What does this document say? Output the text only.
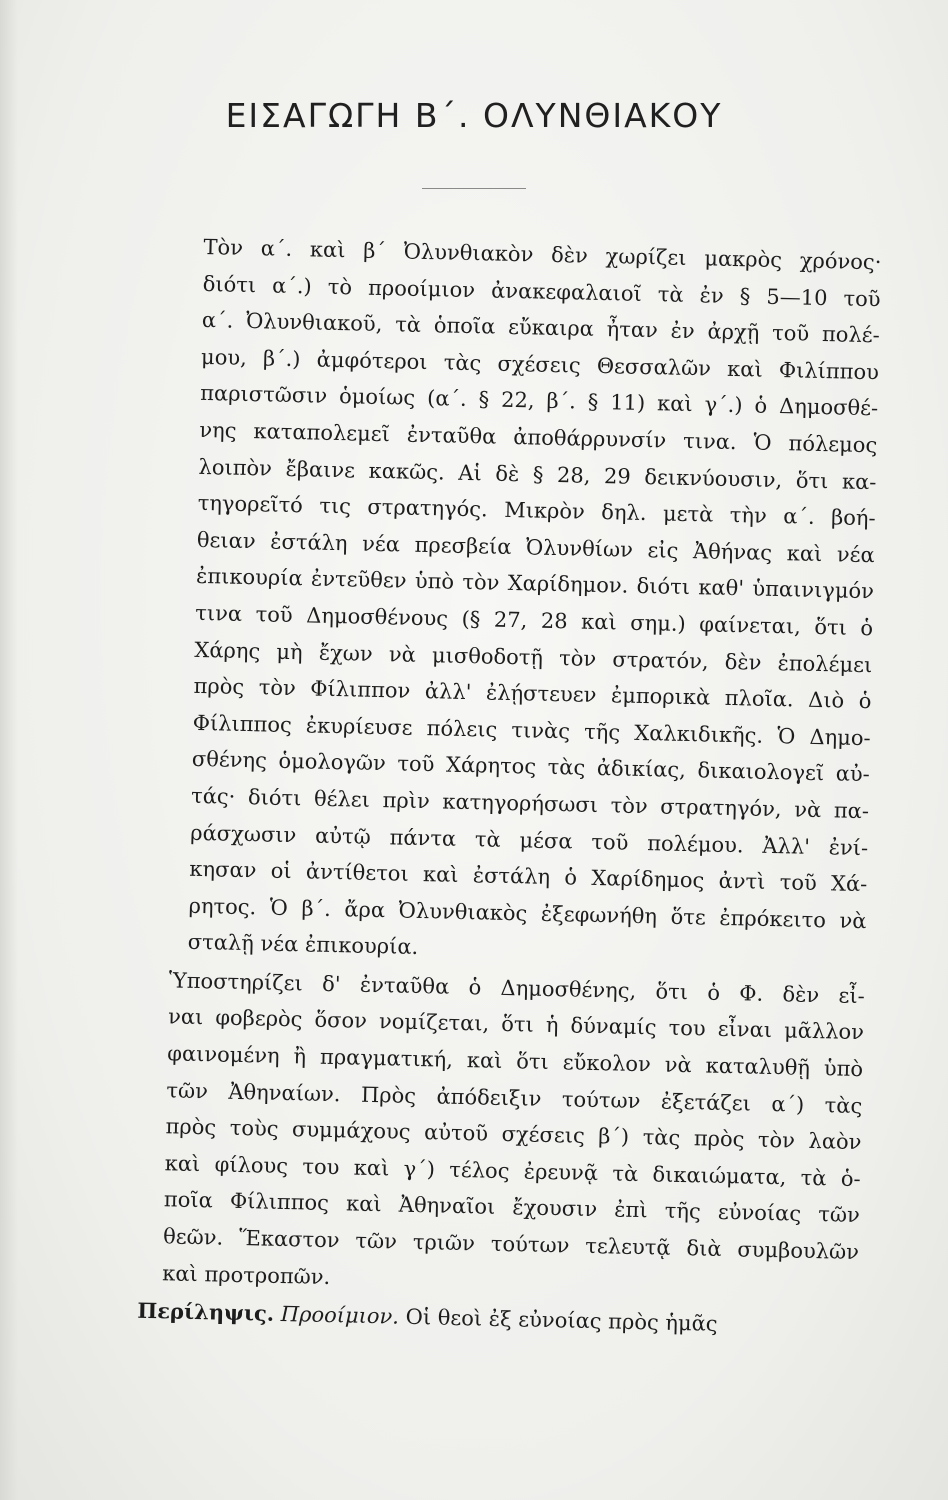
ΕΙΣΑΓΩΓΗ Β΄. ΟΛΥΝΘΙΑΚΟΥ
Τὸν α΄. καὶ β΄ Ὀλυνθιακὸν δὲν χωρίζει μακρὸς χρόνος·
διότι α΄.) τὸ προοίμιον ἀνακεφαλαιοῖ τὰ ἐν § 5—10 τοῦ
α΄. Ὀλυνθιακοῦ, τὰ ὁποῖα εὔκαιρα ἦταν ἐν ἀρχῇ τοῦ πολέ-
μου, β΄.) ἀμφότεροι τὰς σχέσεις Θεσσαλῶν καὶ Φιλίππου
παριστῶσιν ὁμοίως (α΄. § 22, β΄. § 11) καὶ γ΄.) ὁ Δημοσθέ-
νης καταπολεμεῖ ἐνταῦθα ἀποθάρρυνσίν τινα. Ὁ πόλεμος
λοιπὸν ἔβαινε κακῶς. Αἱ δὲ § 28, 29 δεικνύουσιν, ὅτι κα-
τηγορεῖτό τις στρατηγός. Μικρὸν δηλ. μετὰ τὴν α΄. βοή-
θειαν ἐστάλη νέα πρεσβεία Ὀλυνθίων εἰς Ἀθήνας καὶ νέα
ἐπικουρία ἐντεῦθεν ὑπὸ τὸν Χαρίδημον. διότι καθ' ὑπαινιγμόν
τινα τοῦ Δημοσθένους (§ 27, 28 καὶ σημ.) φαίνεται, ὅτι ὁ
Χάρης μὴ ἔχων νὰ μισθοδοτῇ τὸν στρατόν, δὲν ἐπολέμει
πρὸς τὸν Φίλιππον ἀλλ' ἐλῄστευεν ἐμπορικὰ πλοῖα. Διὸ ὁ
Φίλιππος ἐκυρίευσε πόλεις τινὰς τῆς Χαλκιδικῆς. Ὁ Δημο-
σθένης ὁμολογῶν τοῦ Χάρητος τὰς ἀδικίας, δικαιολογεῖ αὐ-
τάς· διότι θέλει πρὶν κατηγορήσωσι τὸν στρατηγόν, νὰ πα-
ράσχωσιν αὐτῷ πάντα τὰ μέσα τοῦ πολέμου. Ἀλλ' ἐνί-
κησαν οἱ ἀντίθετοι καὶ ἐστάλη ὁ Χαρίδημος ἀντὶ τοῦ Χά-
ρητος. Ὁ β΄. ἄρα Ὀλυνθιακὸς ἐξεφωνήθη ὅτε ἐπρόκειτο νὰ
σταλῇ νέα ἐπικουρία.
Ὑποστηρίζει δ' ἐνταῦθα ὁ Δημοσθένης, ὅτι ὁ Φ. δὲν εἶ-
ναι φοβερὸς ὅσον νομίζεται, ὅτι ἡ δύναμίς του εἶναι μᾶλλον
φαινομένη ἢ πραγματική, καὶ ὅτι εὔκολον νὰ καταλυθῇ ὑπὸ
τῶν Ἀθηναίων. Πρὸς ἀπόδειξιν τούτων ἐξετάζει α΄) τὰς
πρὸς τοὺς συμμάχους αὐτοῦ σχέσεις β΄) τὰς πρὸς τὸν λαὸν
καὶ φίλους του καὶ γ΄) τέλος ἐρευνᾷ τὰ δικαιώματα, τὰ ὁ-
ποῖα Φίλιππος καὶ Ἀθηναῖοι ἔχουσιν ἐπὶ τῆς εὐνοίας τῶν
θεῶν. Ἕκαστον τῶν τριῶν τούτων τελευτᾷ διὰ συμβουλῶν
καὶ προτροπῶν.
Περίληψις. Προοίμιον. Οἱ θεοὶ ἐξ εὐνοίας πρὸς ἡμᾶς
